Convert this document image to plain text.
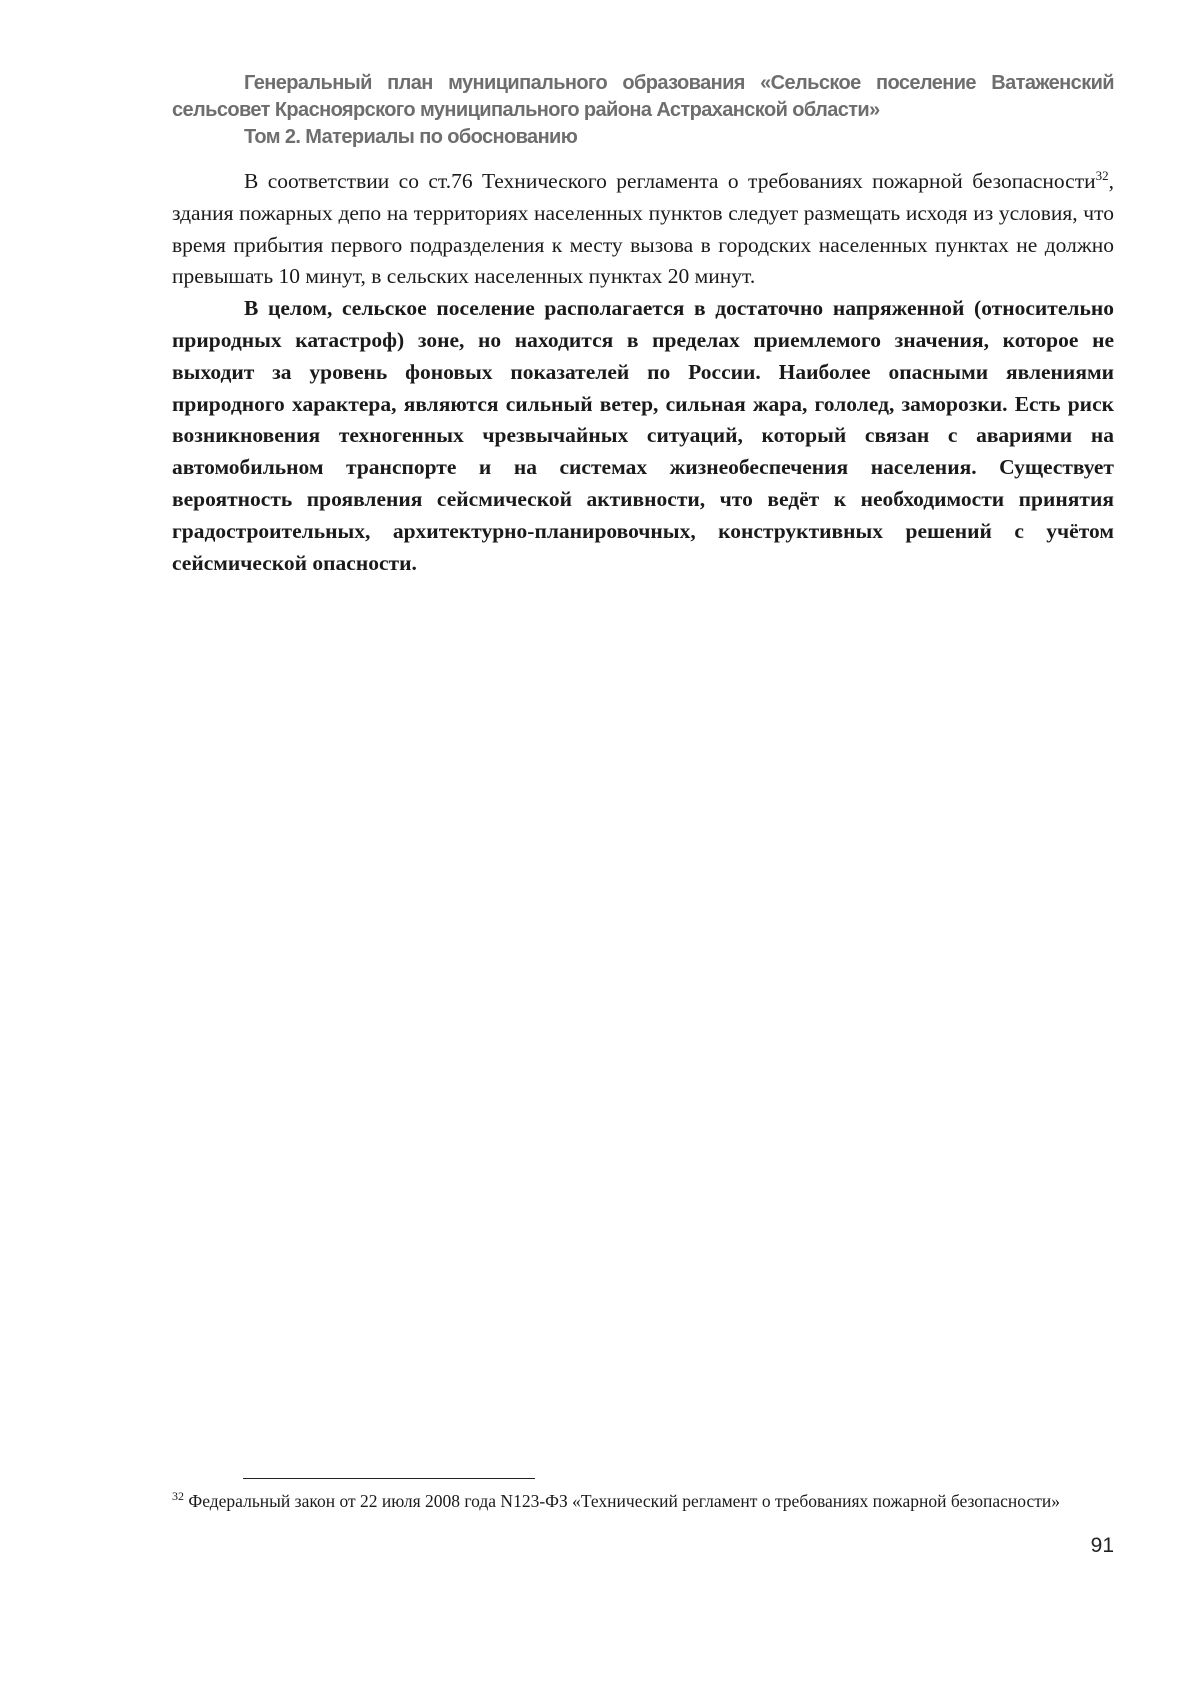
Генеральный план муниципального образования «Сельское поселение Ватаженский сельсовет Красноярского муниципального района Астраханской области»
Том 2. Материалы по обоснованию

В соответствии со ст.76 Технического регламента о требованиях пожарной безопасности$^{32}$, здания пожарных депо на территориях населенных пунктов следует размещать исходя из условия, что время прибытия первого подразделения к месту вызова в городских населенных пунктах не должно превышать 10 минут, в сельских населенных пунктах 20 минут.

В целом, сельское поселение располагается в достаточно напряженной (относительно природных катастроф) зоне, но находится в пределах приемлемого значения, которое не выходит за уровень фоновых показателей по России. Наиболее опасными явлениями природного характера, являются сильный ветер, сильная жара, гололед, заморозки. Есть риск возникновения техногенных чрезвычайных ситуаций, который связан с авариями на автомобильном транспорте и на системах жизнеобеспечения населения. Существует вероятность проявления сейсмической активности, что ведёт к необходимости принятия градостроительных, архитектурно-планировочных, конструктивных решений с учётом сейсмической опасности.

$^{32}$ Федеральный закон от 22 июля 2008 года N123-ФЗ «Технический регламент о требованиях пожарной безопасности»
91
